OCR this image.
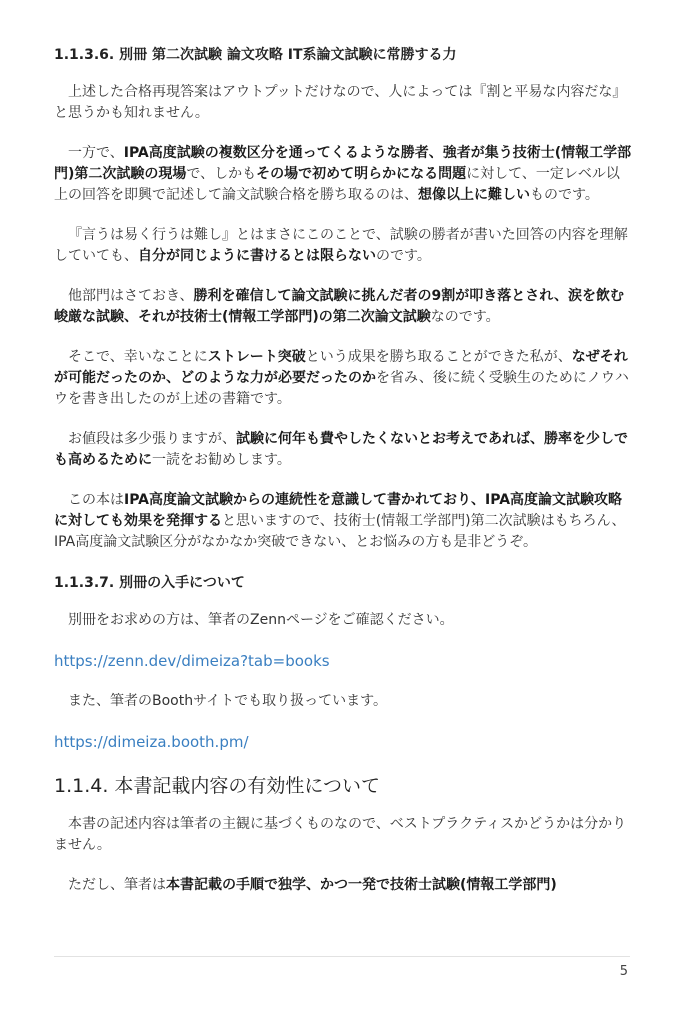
1.1.3.6. 別冊 第二次試験 論文攻略 IT系論文試験に常勝する力

上述した合格再現答案はアウトプットだけなので、人によっては『割と平易な内容だな』と思うかも知れません。

一方で、IPA高度試験の複数区分を通ってくるような勝者、強者が集う技術士(情報工学部門)第二次試験の現場で、しかもその場で初めて明らかになる問題に対して、一定レベル以上の回答を即興で記述して論文試験合格を勝ち取るのは、想像以上に難しいものです。

『言うは易く行うは難し』とはまさにこのことで、試験の勝者が書いた回答の内容を理解していても、自分が同じように書けるとは限らないのです。

他部門はさておき、勝利を確信して論文試験に挑んだ者の9割が叩き落とされ、涙を飲む峻厳な試験、それが技術士(情報工学部門)の第二次論文試験なのです。

そこで、幸いなことにストレート突破という成果を勝ち取ることができた私が、なぜそれが可能だったのか、どのような力が必要だったのかを省み、後に続く受験生のためにノウハウを書き出したのが上述の書籍です。

お値段は多少張りますが、試験に何年も費やしたくないとお考えであれば、勝率を少しでも高めるために一読をお勧めします。

この本はIPA高度論文試験からの連続性を意識して書かれており、IPA高度論文試験攻略に対しても効果を発揮すると思いますので、技術士(情報工学部門)第二次試験はもちろん、IPA高度論文試験区分がなかなか突破できない、とお悩みの方も是非どうぞ。

1.1.3.7. 別冊の入手について

別冊をお求めの方は、筆者のZennページをご確認ください。

https://zenn.dev/dimeiza?tab=books

また、筆者のBoothサイトでも取り扱っています。

https://dimeiza.booth.pm/
1.1.4. 本書記載内容の有効性について

本書の記述内容は筆者の主観に基づくものなので、ベストプラクティスかどうかは分かりません。

ただし、筆者は本書記載の手順で独学、かつ一発で技術士試験(情報工学部門)

5
